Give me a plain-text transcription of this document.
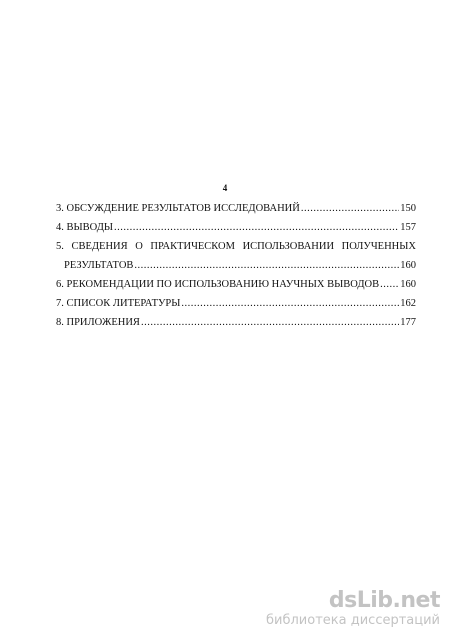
4
3. ОБСУЖДЕНИЕ РЕЗУЛЬТАТОВ ИССЛЕДОВАНИЙ .....	150
4. ВЫВОДЫ .....	157
5. СВЕДЕНИЯ О ПРАКТИЧЕСКОМ ИСПОЛЬЗОВАНИИ ПОЛУЧЕННЫХ
РЕЗУЛЬТАТОВ .....	160
6. РЕКОМЕНДАЦИИ ПО ИСПОЛЬЗОВАНИЮ НАУЧНЫХ ВЫВОДОВ ..... 160
7. СПИСОК ЛИТЕРАТУРЫ .....	162
8. ПРИЛОЖЕНИЯ .....	177
dsLib.net
библиотека диссертаций
